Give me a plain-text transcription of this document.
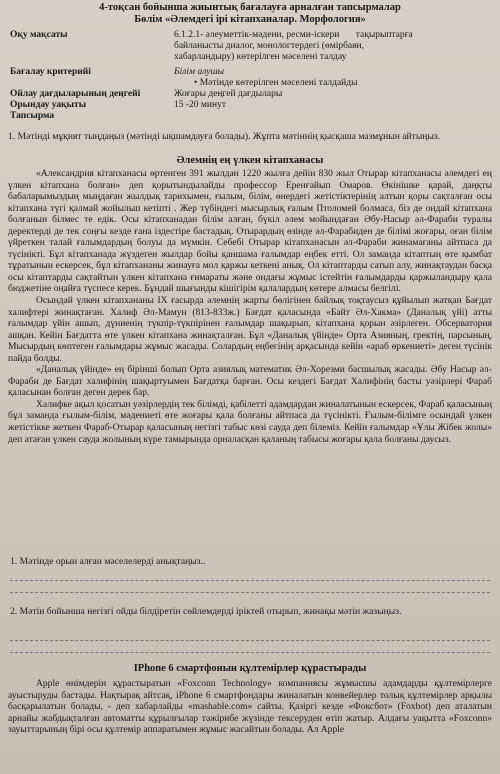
4-тоқсан бойынша жиынтық бағалауға арналған тапсырмалар
Бөлім «Әлемдегі ірі кітапханалар. Морфология»
Оқу мақсаты	6.1.2.1- әлеуметтік-мәдени, ресми-іскери тақырыптарға
байланысты диалог, монологтердегі (өмірбаян,
хабарландыру) көтерілген мәселені талдау
Бағалау критерийі	Білім алушы
• Мәтінде көтерілген мәселені талдайды
Ойлау дағдыларының деңгейі	Жоғары деңгей дағдылары
Орындау уақыты	15 -20 минут
Тапсырма	
1. Мәтінді мұқият тыңдаңыз (мәтінді ықшамдауға болады). Жұпта мәтіннің қысқаша мазмұнын айтыңыз.
Әлемнің ең үлкен кітапханасы

«Александрия кітапханасы өртенген 391 жылдан 1220 жылға дейін 830 жыл Отырар кітапханасы әлемдегі ең үлкен кітапхана болған» деп қорытындылайды профессор Еренғайып Омаров. Өкінішке қарай, даңқты бабаларымыздың мыңдаған жылдық тарихымен, ғылым, білім, өнердегі жетістіктерінің алтын қоры сақталған осы кітапхана түгі қалмай жойылып кетіпті . Жер түбіндегі мысырлық ғалым Птоломей болмаса, біз де ондай кітапхана болғанын білмес те едік. Осы кітапханадан білім алған, бүкіл әлем мойындаған Әбу-Насыр әл-Фараби туралы деректерді де тек соңғы кезде ғана іздестіре бастадық. Отырардың өзінде әл-Фарабиден де білімі жоғары, оған білім үйреткен талай ғалымдардың болуы да мүмкін. Себебі Отырар кітапханасын әл-Фараби жинамағаны айтпаса да түсінікті. Бұл кітапханада жүздеген жылдар бойы қаншама ғалымдар еңбек етті. Ол заманда кітаптың өте қымбат тұратынын ескерсек, бұл кітапхананы жинауға мол қаржы кеткені анық. Ол кітаптарды сатып алу, жинақтаудан басқа осы кітаптарды сақтайтын үлкен кітапхана ғимараты және ондағы жұмыс істейтін ғалымдарды қаржыландыру қала бюджетіне оңайға түспесе керек. Бұндай шығынды кішігірім қалалардың көтере алмасы белгілі.

Осындай үлкен кітапхананы IX ғасырда әлемнің жарты бөлігінен байлық тоқтаусыз құйылып жатқан Бағдат халифтері жинақтаған. Халиф Әл-Мамун (813-833ж.) Бағдат қаласында «Байт Әл-Хакма» (Даналық үйі) атты ғалымдар үйін ашып, дүниенің түкпір-түкпірінен ғалымдар шақырып, кітапхана қорын әзірлеген. Обсерватория ашқан. Кейін Бағдатта өте үлкен кітапхана жинақталған. Бұл «Даналық үйінде» Орта Азияның, гректің, парсының, Мысырдың көптеген ғалымдары жұмыс жасады. Солардың еңбегінің арқасында кейін «араб өркениеті» деген түсінік пайда болды.

«Даналық үйінде» ең бірінші болып Орта азиялық математик Әл-Хорезми басшылық жасады. Әбу Насыр әл-Фараби де Бағдат халифінің шақыртуымен Бағдатқа барған. Осы кездегі Бағдат Халифінің басты уәзірлері Фараб қаласынан болған деген дерек бар.

Халифке ақыл қосатын уәзірлердің тек білімді, қабілетті адамдардан жиналатынын ескерсек, Фараб қаласының бұл заманда ғылым-білім, мәдениеті өте жоғары қала болғаны айтпаса да түсінікті. Ғылым-білімге осындай үлкен жетістікке жеткен Фараб-Отырар қаласының негізгі табыс көзі сауда деп білеміз. Кейін ғалымдар «Ұлы Жібек жолы» деп атаған үлкен сауда жолының күре тамырында орналасқан қаланың табысы жоғары қала болғаны даусыз.

1. Мәтінде орын алған мәселелерді анықтаңыз..
2. Мәтін бойынша негізгі ойды білдіретін сөйлемдерді іріктей отырып, жинақы мәтін жазыңыз.
IPhone 6 смартфонын құлтемірлер құрастырады

Apple өнімдерін құрастыратын «Foxconn Technology» компаниясы жұмысшы адамдарды құлтемірлерге ауыстыруды бастады. Нақтырақ айтсақ, iPhone 6 смартфондары жиналатын конвейерлер толық құлтемірлер арқылы басқарылатын болады, - деп хабарлайды «mashable.com» сайты. Қазіргі кезде «Фоксбот» (Foxbot) деп аталатын арнайы жабдықталған автоматты құрылғылар тәжірибе жүзінде тексеруден өтіп жатыр. Алдағы уақытта «Foxconn» зауыттарының бірі осы құлтемір аппаратымен жұмыс жасайтын болады. Ал Apple
